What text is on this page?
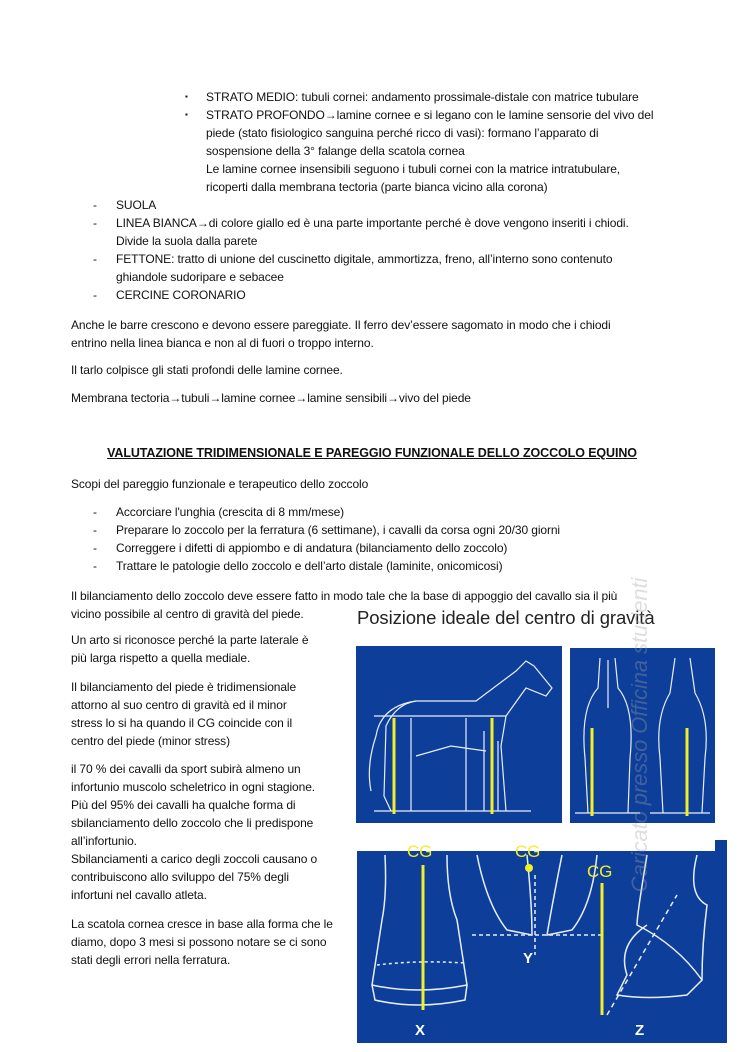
▪ STRATO MEDIO: tubuli cornei: andamento prossimale-distale con matrice tubulare
▪ STRATO PROFONDO→lamine cornee e si legano con le lamine sensorie del vivo del
piede (stato fisiologico sanguina perché ricco di vasi): formano l’apparato di
sospensione della 3° falange della scatola cornea
Le lamine cornee insensibili seguono i tubuli cornei con la matrice intratubulare,
ricoperti dalla membrana tectoria (parte bianca vicino alla corona)
- SUOLA
- LINEA BIANCA→di colore giallo ed è una parte importante perché è dove vengono inseriti i chiodi.
Divide la suola dalla parete
- FETTONE: tratto di unione del cuscinetto digitale, ammortizza, freno, all’interno sono contenuto
ghiandole sudoripare e sebacee
- CERCINE CORONARIO
Anche le barre crescono e devono essere pareggiate. Il ferro dev’essere sagomato in modo che i chiodi
entrino nella linea bianca e non al di fuori o troppo interno.
Il tarlo colpisce gli stati profondi delle lamine cornee.
Membrana tectoria→tubuli→lamine cornee→lamine sensibili→vivo del piede
Scopi del pareggio funzionale e terapeutico dello zoccolo
- Accorciare l'unghia (crescita di 8 mm/mese)
- Preparare lo zoccolo per la ferratura (6 settimane), i cavalli da corsa ogni 20/30 giorni
- Correggere i difetti di appiombo e di andatura (bilanciamento dello zoccolo)
- Trattare le patologie dello zoccolo e dell’arto distale (laminite, onicomicosi)
Il bilanciamento dello zoccolo deve essere fatto in modo tale che la base di appoggio del cavallo sia il più
vicino possibile al centro di gravità del piede.
Un arto si riconosce perché la parte laterale è
più larga rispetto a quella mediale.
Il bilanciamento del piede è tridimensionale
attorno al suo centro di gravità ed il minor
stress lo si ha quando il CG coincide con il
centro del piede (minor stress)
il 70 % dei cavalli da sport subirà almeno un
infortunio muscolo scheletrico in ogni stagione.
Più del 95% dei cavalli ha qualche forma di
sbilanciamento dello zoccolo che li predispone
all’infortunio.
Sbilanciamenti a carico degli zoccoli causano o
contribuiscono allo sviluppo del 75% degli
infortuni nel cavallo atleta.
La scatola cornea cresce in base alla forma che le
diamo, dopo 3 mesi si possono notare se ci sono
stati degli errori nella ferratura.
VALUTAZIONE TRIDIMENSIONALE E PAREGGIO FUNZIONALE DELLO ZOCCOLO EQUINO
Posizione ideale del centro di gravità
CG	CG
CG
X
Y
Z
Caricato presso Officina studenti
